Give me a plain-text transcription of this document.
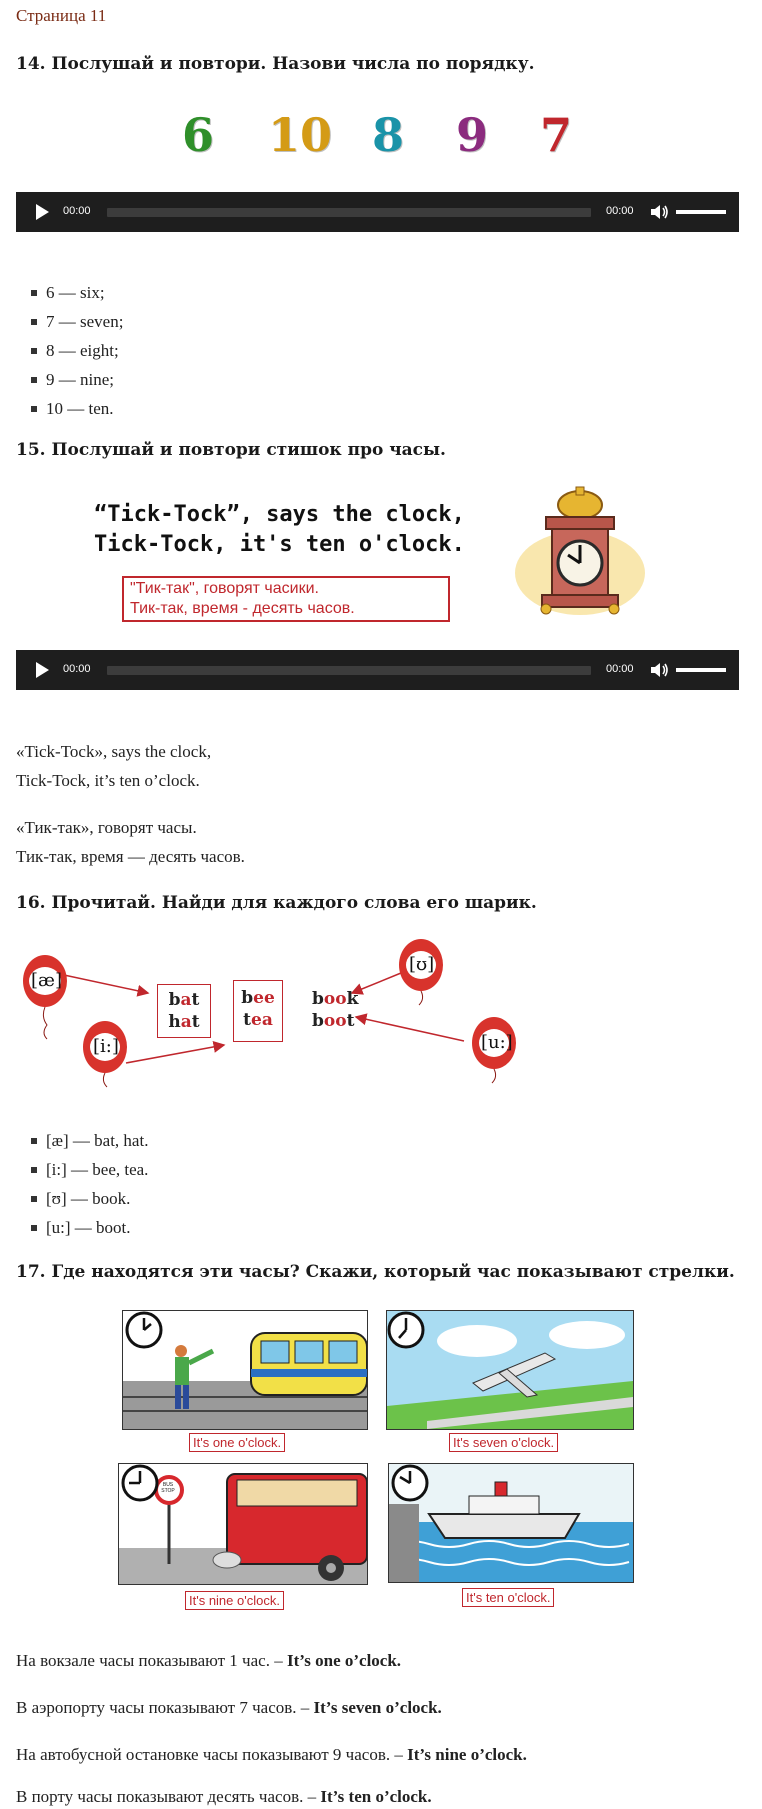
Страница 11
14. Послушай и повтори. Назови числа по порядку.
6 10 8 9 7
00:00	00:00
6 — six;
7 — seven;
8 — eight;
9 — nine;
10 — ten.
15. Послушай и повтори стишок про часы.
“Tick-Tock”, says the clock,
Tick-Tock, it's ten o'clock.
"Тик-так", говорят часики.
Тик-так, время - десять часов.
00:00	00:00
«Tick-Tock», says the clock,
Tick-Tock, it’s ten o’clock.
«Тик-так», говорят часы.
Тик-так, время — десять часов.
16. Прочитай. Найди для каждого слова его шарик.
[æ]
[i:]
[ʊ]
[u:]
bat
hat
bee
tea
book
boot
[æ] — bat, hat.
[i:] — bee, tea.
[ʊ] — book.
[u:] — boot.
17. Где находятся эти часы? Скажи, который час показывают стрелки.
It's one o'clock.	It's seven o'clock.
BUS STOP
It's nine o'clock.	It's ten o'clock.
На вокзале часы показывают 1 час. – It’s one o’clock.
В аэропорту часы показывают 7 часов. – It’s seven o’clock.
На автобусной остановке часы показывают 9 часов. – It’s nine o’clock.
В порту часы показывают десять часов. – It’s ten o’clock.
